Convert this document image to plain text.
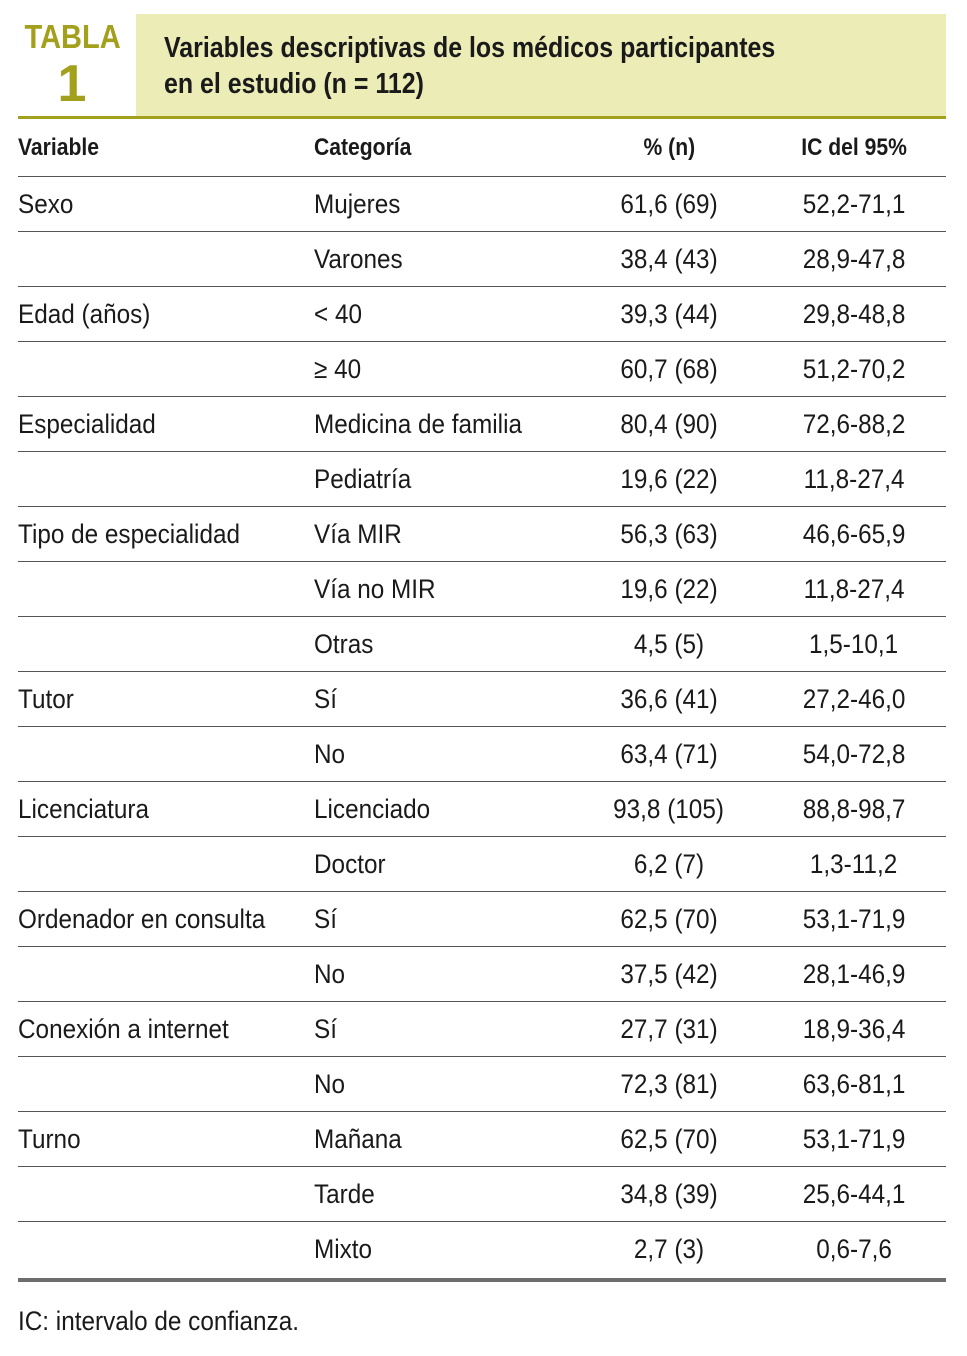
TABLA
1
Variables descriptivas de los médicos participantes
en el estudio (n = 112)
Variable	Categoría	% (n)	IC del 95%
Sexo	Mujeres	61,6 (69)	52,2-71,1
	Varones	38,4 (43)	28,9-47,8
Edad (años)	< 40	39,3 (44)	29,8-48,8
	≥ 40	60,7 (68)	51,2-70,2
Especialidad	Medicina de familia	80,4 (90)	72,6-88,2
	Pediatría	19,6 (22)	11,8-27,4
Tipo de especialidad	Vía MIR	56,3 (63)	46,6-65,9
	Vía no MIR	19,6 (22)	11,8-27,4
	Otras	4,5 (5)	1,5-10,1
Tutor	Sí	36,6 (41)	27,2-46,0
	No	63,4 (71)	54,0-72,8
Licenciatura	Licenciado	93,8 (105)	88,8-98,7
	Doctor	6,2 (7)	1,3-11,2
Ordenador en consulta	Sí	62,5 (70)	53,1-71,9
	No	37,5 (42)	28,1-46,9
Conexión a internet	Sí	27,7 (31)	18,9-36,4
	No	72,3 (81)	63,6-81,1
Turno	Mañana	62,5 (70)	53,1-71,9
	Tarde	34,8 (39)	25,6-44,1
	Mixto	2,7 (3)	0,6-7,6
IC: intervalo de confianza.
